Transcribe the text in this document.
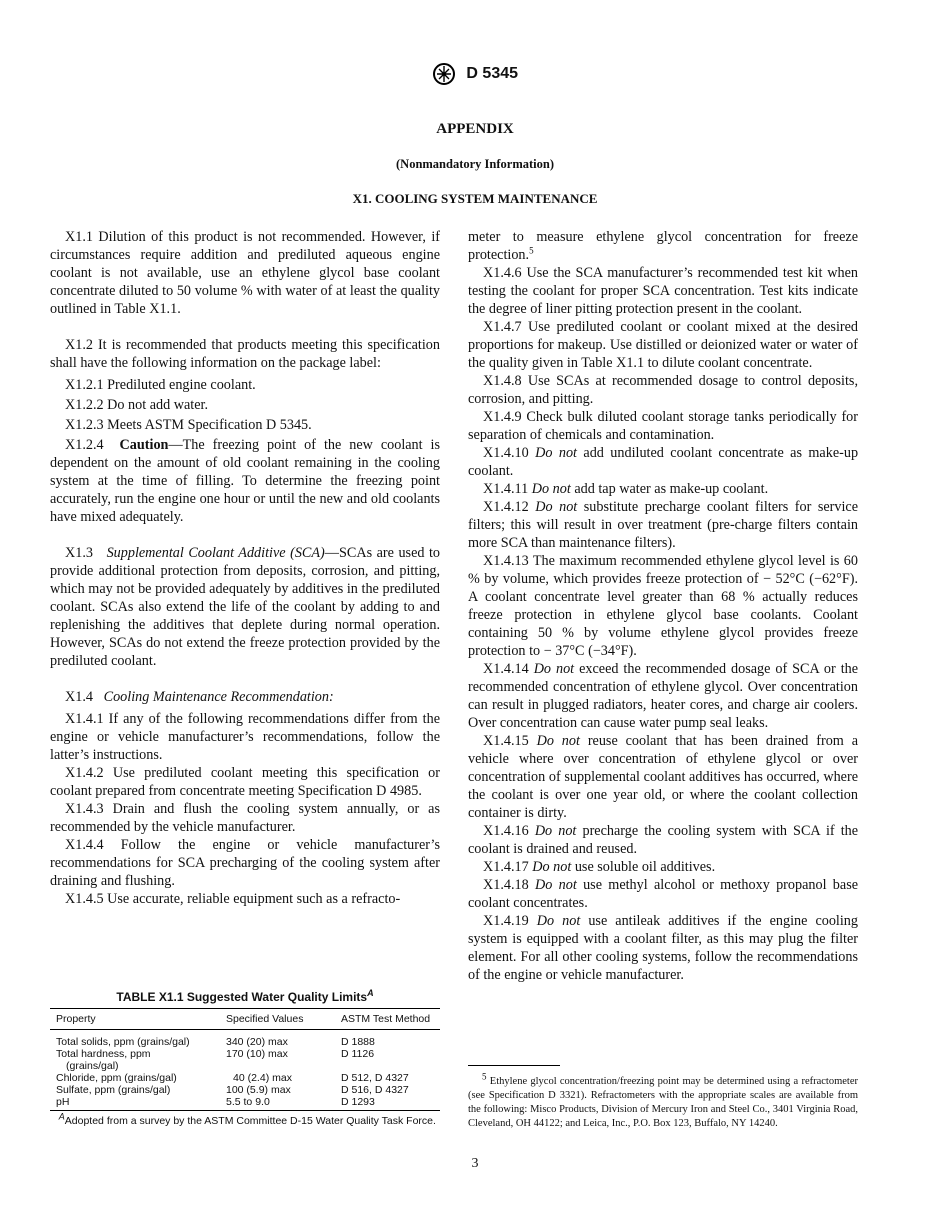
D 5345
APPENDIX
(Nonmandatory Information)
X1. COOLING SYSTEM MAINTENANCE

X1.1 Dilution of this product is not recommended. However, if circumstances require addition and prediluted aqueous engine coolant is not available, use an ethylene glycol base coolant concentrate diluted to 50 volume % with water of at least the quality outlined in Table X1.1.

X1.2 It is recommended that products meeting this specification shall have the following information on the package label:

X1.2.1 Prediluted engine coolant.

X1.2.2 Do not add water.

X1.2.3 Meets ASTM Specification D 5345.

X1.2.4 Caution—The freezing point of the new coolant is dependent on the amount of old coolant remaining in the cooling system at the time of filling. To determine the freezing point accurately, run the engine one hour or until the new and old coolants have mixed adequately.

X1.3 Supplemental Coolant Additive (SCA)—SCAs are used to provide additional protection from deposits, corrosion, and pitting, which may not be provided adequately by additives in the prediluted coolant. SCAs also extend the life of the coolant by adding to and replenishing the additives that deplete during normal operation. However, SCAs do not extend the freeze protection provided by the prediluted coolant.

X1.4 Cooling Maintenance Recommendation:

X1.4.1 If any of the following recommendations differ from the engine or vehicle manufacturer’s recommendations, follow the latter’s instructions.

X1.4.2 Use prediluted coolant meeting this specification or coolant prepared from concentrate meeting Specification D 4985.

X1.4.3 Drain and flush the cooling system annually, or as recommended by the vehicle manufacturer.

X1.4.4 Follow the engine or vehicle manufacturer’s recommendations for SCA precharging of the cooling system after draining and flushing.

X1.4.5 Use accurate, reliable equipment such as a refracto-

meter to measure ethylene glycol concentration for freeze protection.$^5$

X1.4.6 Use the SCA manufacturer’s recommended test kit when testing the coolant for proper SCA concentration. Test kits indicate the degree of liner pitting protection present in the coolant.

X1.4.7 Use prediluted coolant or coolant mixed at the desired proportions for makeup. Use distilled or deionized water or water of the quality given in Table X1.1 to dilute coolant concentrate.

X1.4.8 Use SCAs at recommended dosage to control deposits, corrosion, and pitting.

X1.4.9 Check bulk diluted coolant storage tanks periodically for separation of chemicals and contamination.

X1.4.10 Do not add undiluted coolant concentrate as make-up coolant.

X1.4.11 Do not add tap water as make-up coolant.

X1.4.12 Do not substitute precharge coolant filters for service filters; this will result in over treatment (pre-charge filters contain more SCA than maintenance filters).

X1.4.13 The maximum recommended ethylene glycol level is 60 % by volume, which provides freeze protection of − 52°C (−62°F). A coolant concentrate level greater than 68 % actually reduces freeze protection in ethylene glycol base coolants. Coolant containing 50 % by volume ethylene glycol provides freeze protection to − 37°C (−34°F).

X1.4.14 Do not exceed the recommended dosage of SCA or the recommended concentration of ethylene glycol. Over concentration can result in plugged radiators, heater cores, and charge air coolers. Over concentration can cause water pump seal leaks.

X1.4.15 Do not reuse coolant that has been drained from a vehicle where over concentration of ethylene glycol or over concentration of supplemental coolant additives has occurred, where the coolant is over one year old, or where the coolant collection container is dirty.

X1.4.16 Do not precharge the cooling system with SCA if the coolant is drained and reused.

X1.4.17 Do not use soluble oil additives.

X1.4.18 Do not use methyl alcohol or methoxy propanol base coolant concentrates.

X1.4.19 Do not use antileak additives if the engine cooling system is equipped with a coolant filter, as this may plug the filter element. For all other cooling systems, follow the recommendations of the engine or vehicle manufacturer.

TABLE X1.1 Suggested Water Quality Limits$^A$
Property	Specified Values	ASTM Test Method
Total solids, ppm (grains/gal)	340 (20) max	D 1888
Total hardness, ppm	170 (10) max	D 1126
(grains/gal)		
Chloride, ppm (grains/gal)	40 (2.4) max	D 512, D 4327
Sulfate, ppm (grains/gal)	100 (5.9) max	D 516, D 4327
pH	5.5 to 9.0	D 1293
$^A$Adopted from a survey by the ASTM Committee D-15 Water Quality Task Force.
$^5$ Ethylene glycol concentration/freezing point may be determined using a refractometer (see Specification D 3321). Refractometers with the appropriate scales are available from the following: Misco Products, Division of Mercury Iron and Steel Co., 3401 Virginia Road, Cleveland, OH 44122; and Leica, Inc., P.O. Box 123, Buffalo, NY 14240.
3
